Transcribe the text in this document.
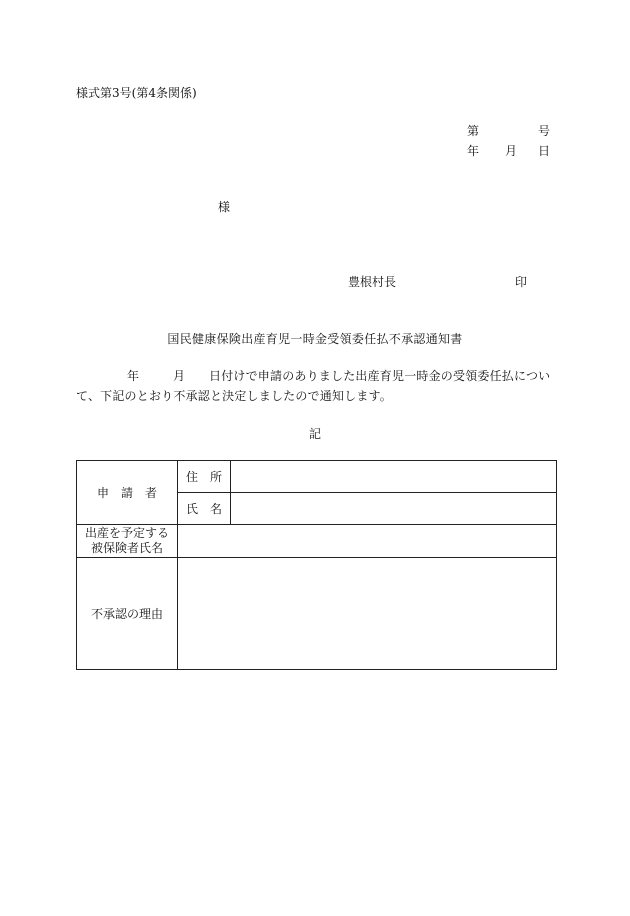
様式第3号(第4条関係)
第	号
年 月 日
様
豊根村長	印
国民健康保険出産育児一時金受領委任払不承認通知書
年	月 日付けで申請のありました出産育児一時金の受領委任払につい
て、下記のとおり不承認と決定しましたので通知します。
記
申　請　者	住　所	
	氏　名	

出産を予定する
被保険者氏名		

不承認の理由		
